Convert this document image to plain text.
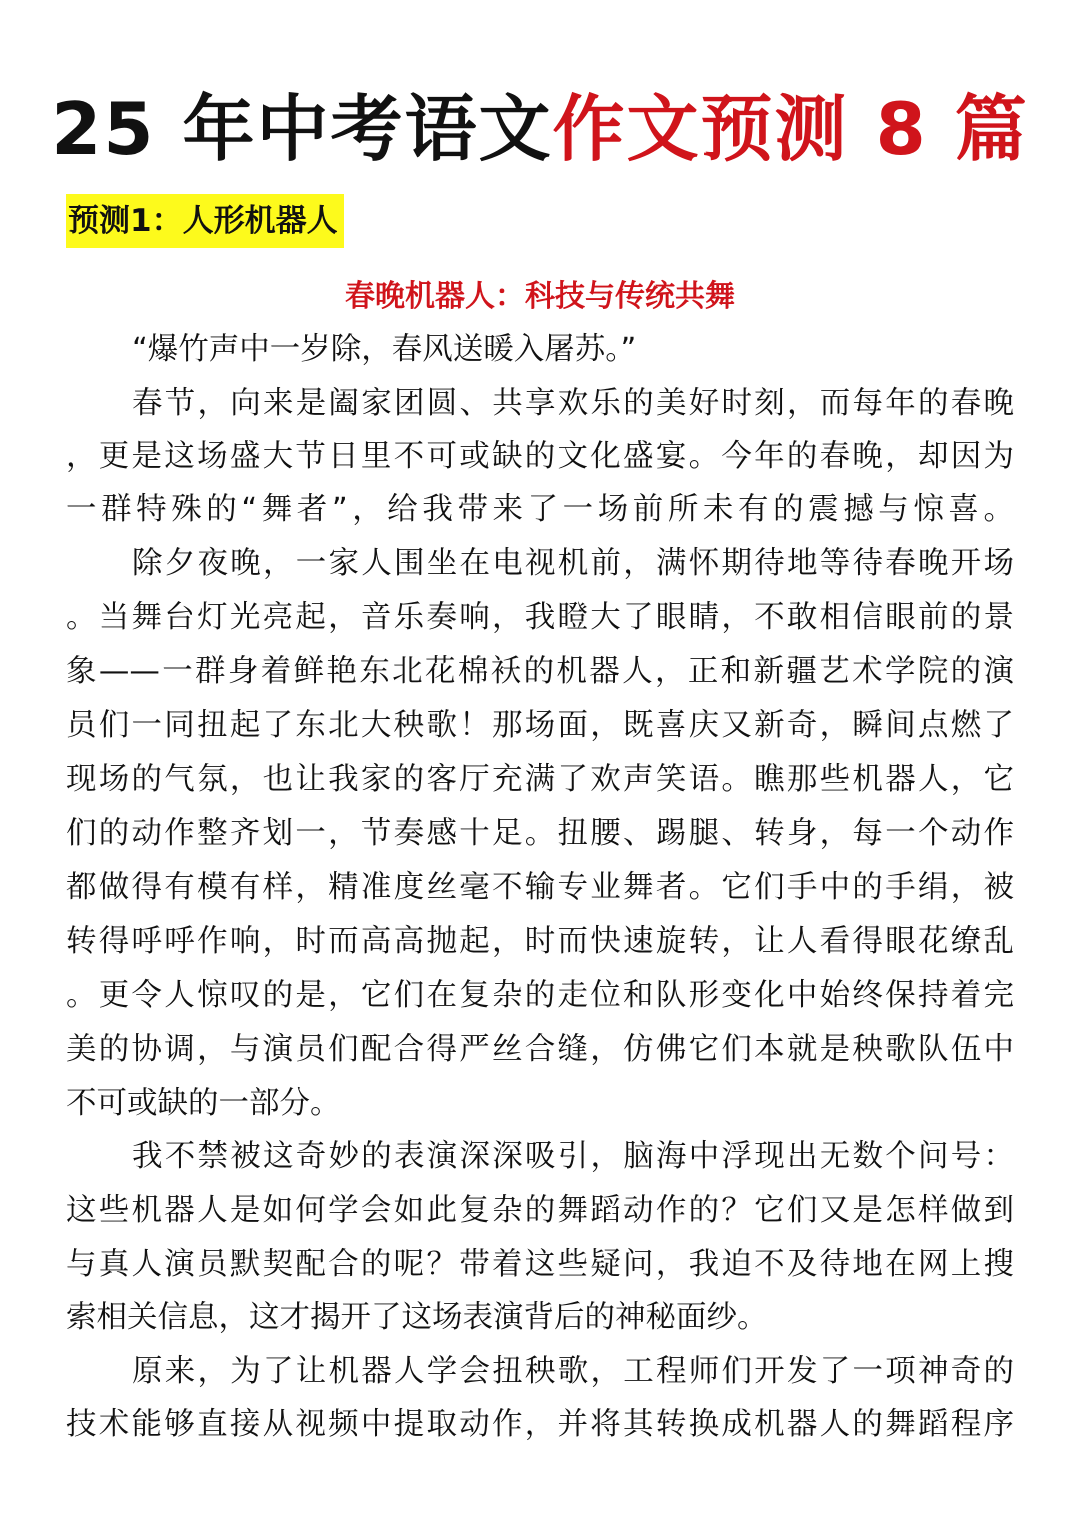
25 年中考语文作文预测 8 篇
预测1：人形机器人
春晚机器人：科技与传统共舞
“爆竹声中一岁除，春风送暖入屠苏。”
春节，向来是阖家团圆、共享欢乐的美好时刻，而每年的春晚
，更是这场盛大节日里不可或缺的文化盛宴。今年的春晚，却因为
一群特殊的“舞者”，给我带来了一场前所未有的震撼与惊喜。
除夕夜晚，一家人围坐在电视机前，满怀期待地等待春晚开场
。当舞台灯光亮起，音乐奏响，我瞪大了眼睛，不敢相信眼前的景
象——一群身着鲜艳东北花棉袄的机器人，正和新疆艺术学院的演
员们一同扭起了东北大秧歌！那场面，既喜庆又新奇，瞬间点燃了
现场的气氛，也让我家的客厅充满了欢声笑语。瞧那些机器人，它
们的动作整齐划一，节奏感十足。扭腰、踢腿、转身，每一个动作
都做得有模有样，精准度丝毫不输专业舞者。它们手中的手绢，被
转得呼呼作响，时而高高抛起，时而快速旋转，让人看得眼花缭乱
。更令人惊叹的是，它们在复杂的走位和队形变化中始终保持着完
美的协调，与演员们配合得严丝合缝，仿佛它们本就是秧歌队伍中
不可或缺的一部分。
我不禁被这奇妙的表演深深吸引，脑海中浮现出无数个问号：
这些机器人是如何学会如此复杂的舞蹈动作的？它们又是怎样做到
与真人演员默契配合的呢？带着这些疑问，我迫不及待地在网上搜
索相关信息，这才揭开了这场表演背后的神秘面纱。
原来，为了让机器人学会扭秧歌，工程师们开发了一项神奇的
技术能够直接从视频中提取动作，并将其转换成机器人的舞蹈程序
